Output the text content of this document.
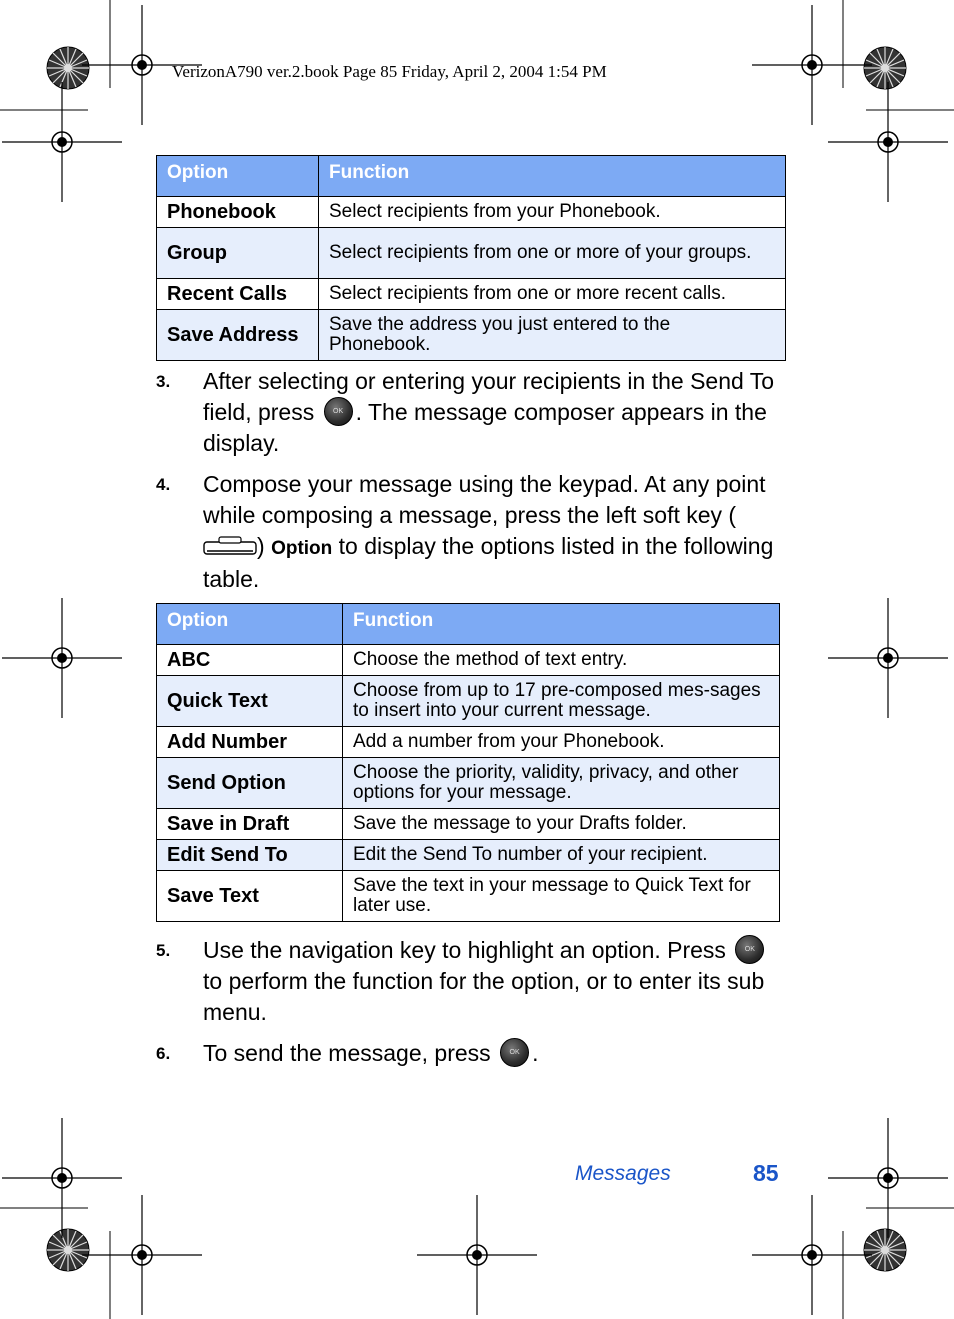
VerizonA790 ver.2.book Page 85 Friday, April 2, 2004 1:54 PM
Option	Function
Phonebook	Select recipients from your Phonebook.
Group	Select recipients from one or more of your groups.
Recent Calls	Select recipients from one or more recent calls.
Save Address	Save the address you just entered to the Phonebook.
3.	After selecting or entering your recipients in the Send To field, press	OK . The message composer appears in the display.
4.	Compose your message using the keypad. At any point while composing a message, press the left soft key () Option to display the options listed in the following table.
Option	Function
ABC	Choose the method of text entry.
Quick Text	Choose from up to 17 pre-composed mes-sages to insert into your current message.
Add Number	Add a number from your Phonebook.
Send Option	Choose the priority, validity, privacy, and other options for your message.
Save in Draft	Save the message to your Drafts folder.
Edit Send To	Edit the Send To number of your recipient.
Save Text	Save the text in your message to Quick Text for later use.
5.	Use the navigation key to highlight an option. Press	OK to perform the function for the option, or to enter its sub menu.
6.	To send the message, press	OK .
Messages	85
